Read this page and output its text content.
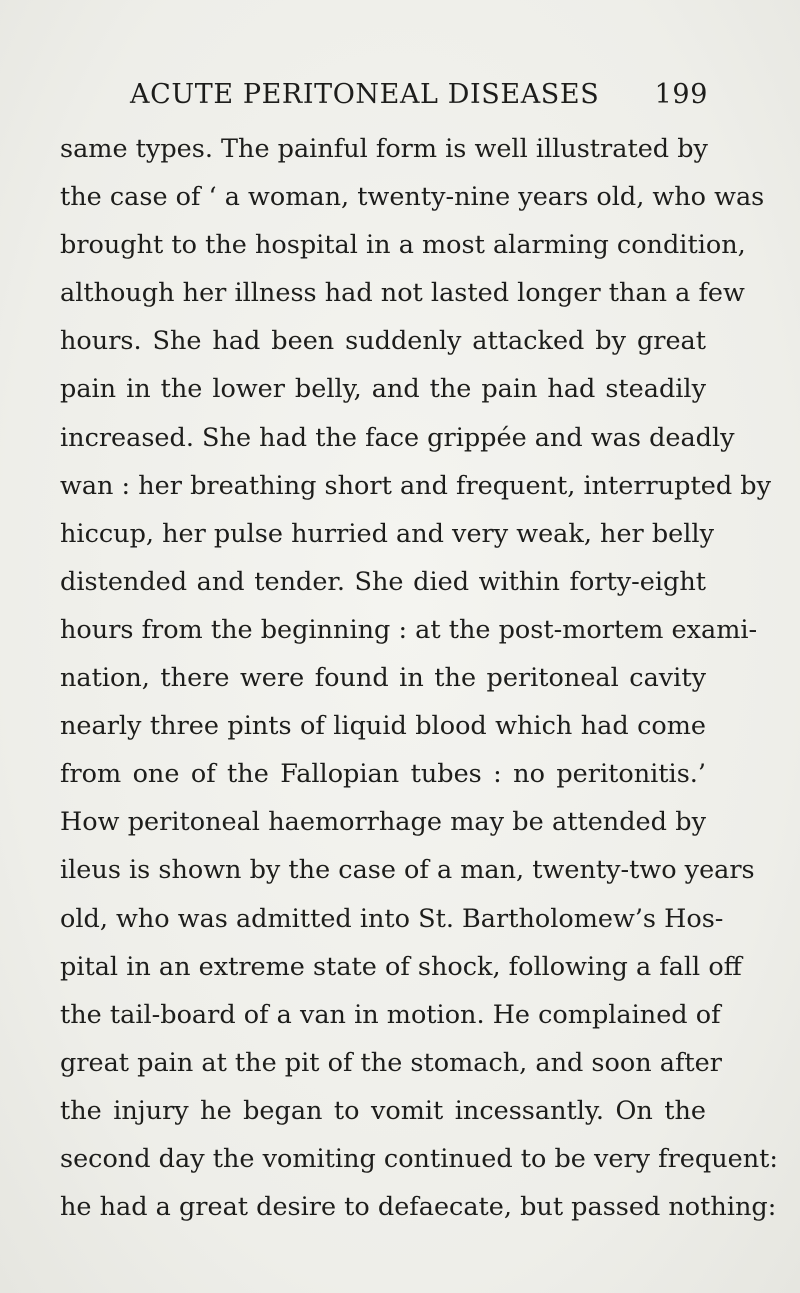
ACUTE PERITONEAL DISEASES 199
same types. The painful form is well illustrated by
the case of ‘ a woman, twenty-nine years old, who was
brought to the hospital in a most alarming condition,
although her illness had not lasted longer than a few
hours. She had been suddenly attacked by great
pain in the lower belly, and the pain had steadily
increased. She had the face grippée and was deadly
wan : her breathing short and frequent, interrupted by
hiccup, her pulse hurried and very weak, her belly
distended and tender. She died within forty-eight
hours from the beginning : at the post-mortem exami-
nation, there were found in the peritoneal cavity
nearly three pints of liquid blood which had come
from one of the Fallopian tubes : no peritonitis.’
How peritoneal haemorrhage may be attended by
ileus is shown by the case of a man, twenty-two years
old, who was admitted into St. Bartholomew’s Hos-
pital in an extreme state of shock, following a fall off
the tail-board of a van in motion. He complained of
great pain at the pit of the stomach, and soon after
the injury he began to vomit incessantly. On the
second day the vomiting continued to be very frequent:
he had a great desire to defaecate, but passed nothing:
